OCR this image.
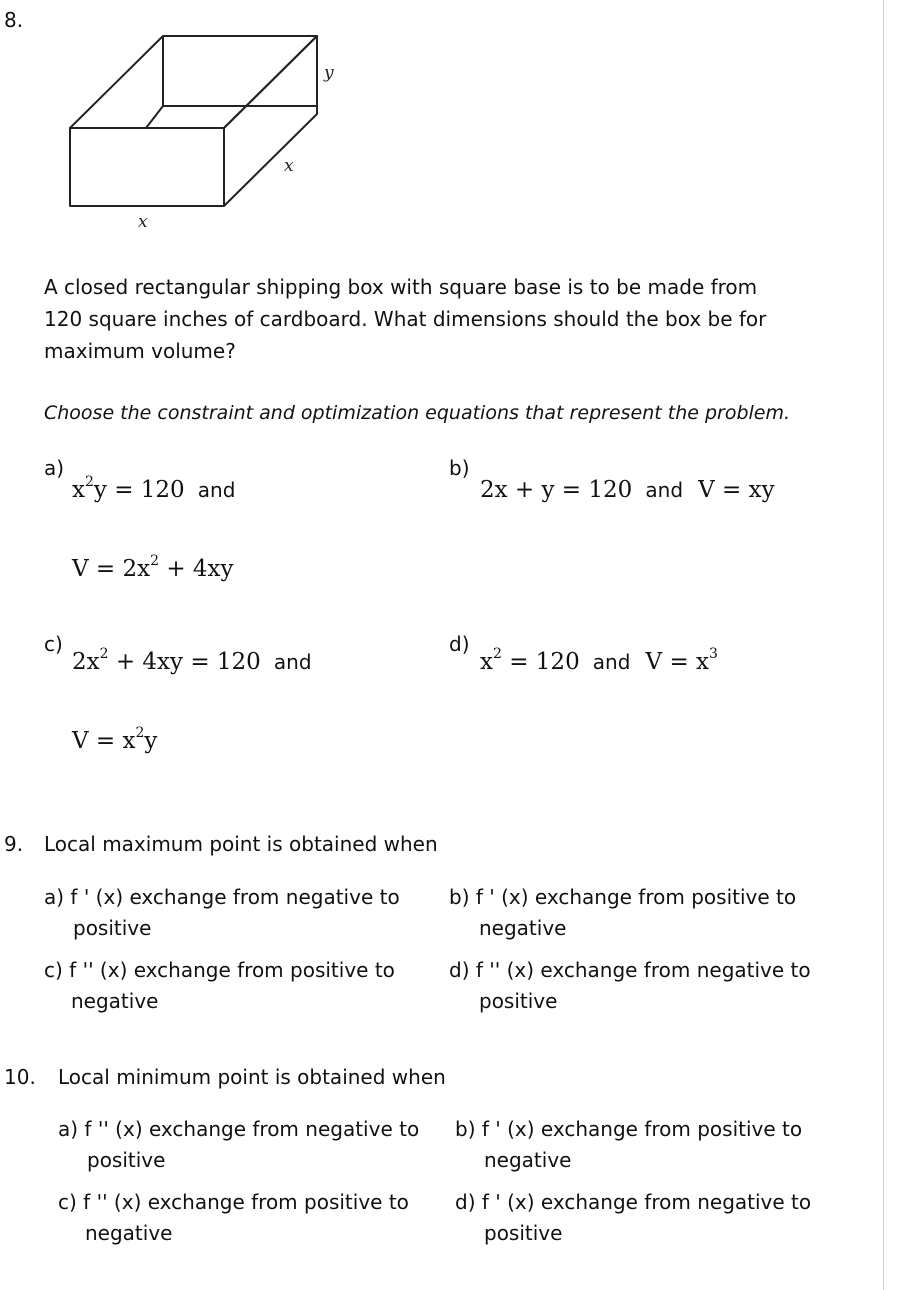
8.
y
x
x
A closed rectangular shipping box with square base is to be made from
120 square inches of cardboard. What dimensions should the box be for
maximum volume?
Choose the constraint and optimization equations that represent the problem.
a)
$x^2y = 120$ and
$V = 2x^2 + 4xy$
b)
2x + y = 120 and V = xy
c)
$2x^2 + 4xy = 120$ and
$V = x^2y$
d)
$x^2 = 120$ and $V = x^3$
9. Local maximum point is obtained when
a) f ' (x) exchange from negative to
positive
b) f ' (x) exchange from positive to
negative
c) f '' (x) exchange from positive to
negative
d) f '' (x) exchange from negative to
positive
10. Local minimum point is obtained when
a) f '' (x) exchange from negative to
positive
b) f ' (x) exchange from positive to
negative
c) f '' (x) exchange from positive to
negative
d) f ' (x) exchange from negative to
positive
